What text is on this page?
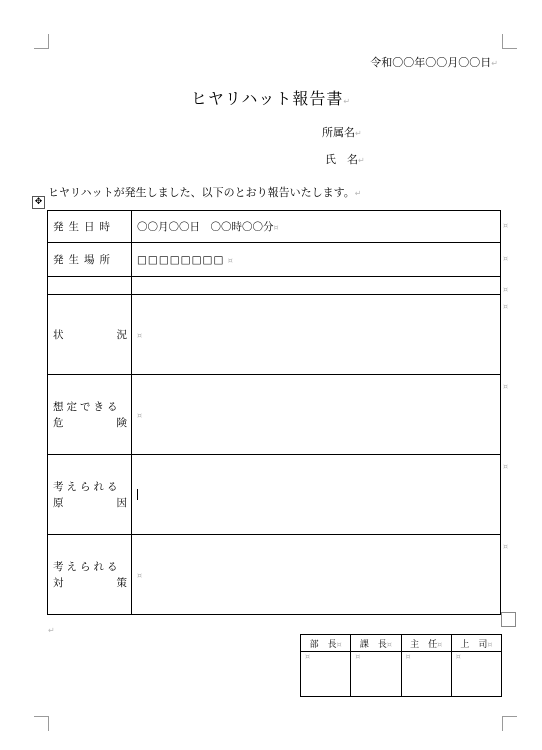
令和〇〇年〇〇月〇〇日↵
ヒヤリハット報告書↵
所属名↵
氏　名↵
ヒヤリハットが発生しました、以下のとおり報告いたします。↵
✥
発生日時	〇〇月〇〇日　〇〇時〇〇分¤
発生場所	□□□□□□□□ ¤

状 況	¤

想定できる
危 険	¤

考えられる
原 因	

考えられる
対 策	¤
¤
¤
¤
¤
¤
¤
¤
↵
部　長¤	課　長¤	主　任¤	上　司¤
¤	¤	¤	¤
